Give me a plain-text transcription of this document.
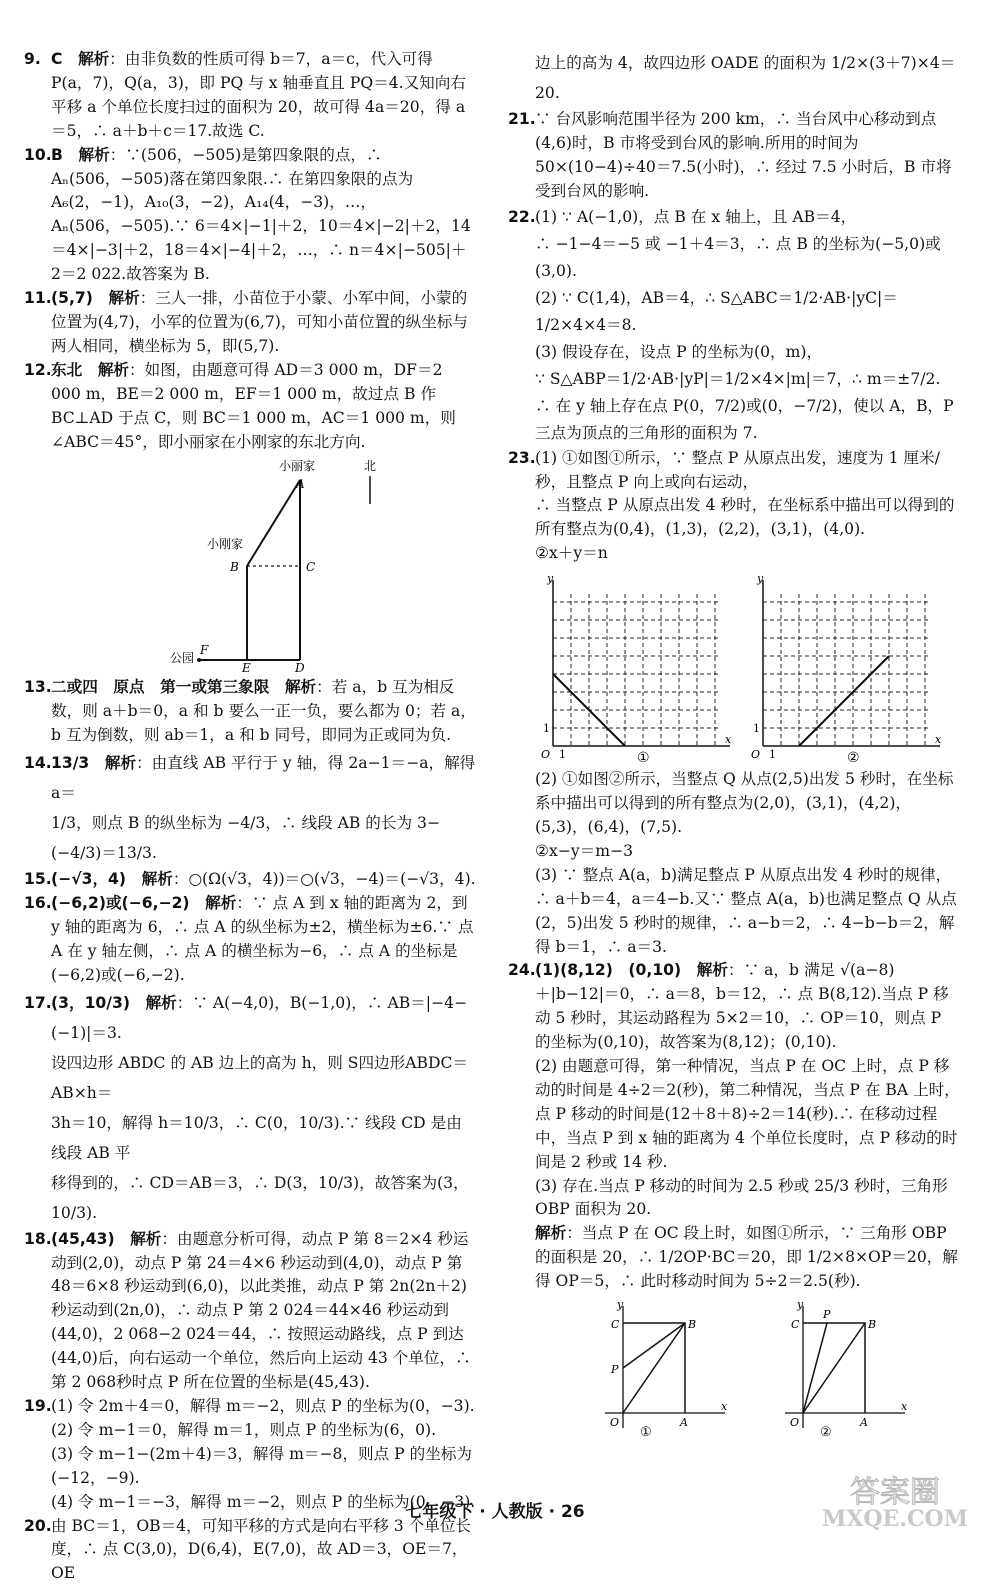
9. C　 解析：由非负数的性质可得 b＝7，a＝c，代入可得 P(a，7)，Q(a，3)，即 PQ 与 x 轴垂直且 PQ＝4.又知向右平移 a 个单位长度扫过的面积为 20，故可得 4a＝20，得 a＝5，∴ a＋b＋c＝17.故选 C.

10. B　 解析：∵(506，−505)是第四象限的点，∴ Aₙ(506，−505)落在第四象限.∴ 在第四象限的点为 A₆(2，−1)，A₁₀(3，−2)，A₁₄(4，−3)，…，Aₙ(506，−505).∵ 6＝4×|−1|＋2，10＝4×|−2|＋2，14＝4×|−3|＋2，18＝4×|−4|＋2，…，∴ n＝4×|−505|＋2＝2 022.故答案为 B.

11. (5,7)　 解析：三人一排，小苗位于小蒙、小军中间，小蒙的位置为(4,7)，小军的位置为(6,7)，可知小苗位置的纵坐标与两人相同，横坐标为 5，即(5,7).

12. 东北　 解析：如图，由题意可得 AD＝3 000 m，DF＝2 000 m，BE＝2 000 m，EF＝1 000 m，故过点 B 作 BC⊥AD 于点 C，则 BC＝1 000 m，AC＝1 000 m，则∠ABC＝45°，即小丽家在小刚家的东北方向.

小丽家	北
A
小刚家
B	C
公园
F
E	D

13. 二或四　原点　第一或第三象限　 解析：若 a，b 互为相反数，则 a＋b＝0，a 和 b 要么一正一负，要么都为 0；若 a，b 互为倒数，则 ab＝1，a 和 b 同号，即同为正或同为负.

14. 13/3　 解析：由直线 AB 平行于 y 轴，得 2a−1＝−a，解得 a＝
1/3，则点 B 的纵坐标为 −4/3，∴ 线段 AB 的长为 3−
(−4/3)＝13/3.

15. (−√3，4)　 解析：○(Ω(√3，4))＝○(√3，−4)＝(−√3，4).

16. (−6,2)或(−6,−2)　 解析：∵ 点 A 到 x 轴的距离为 2，到 y 轴的距离为 6，∴ 点 A 的纵坐标为±2，横坐标为±6.∵ 点 A 在 y 轴左侧，∴ 点 A 的横坐标为−6，∴ 点 A 的坐标是(−6,2)或(−6,−2).

17. (3，10/3)　 解析：∵ A(−4,0)，B(−1,0)，∴ AB＝|−4−(−1)|＝3.
设四边形 ABDC 的 AB 边上的高为 h，则 S四边形ABDC＝AB×h＝
3h＝10，解得 h＝10/3，∴ C(0，10/3).∵ 线段 CD 是由线段 AB 平
移得到的，∴ CD＝AB＝3，∴ D(3，10/3)，故答案为(3，10/3).

18. (45,43)　 解析：由题意分析可得，动点 P 第 8＝2×4 秒运动到(2,0)，动点 P 第 24＝4×6 秒运动到(4,0)，动点 P 第 48＝6×8 秒运动到(6,0)，以此类推，动点 P 第 2n(2n＋2)秒运动到(2n,0)，∴ 动点 P 第 2 024＝44×46 秒运动到(44,0)，2 068−2 024＝44，∴ 按照运动路线，点 P 到达(44,0)后，向右运动一个单位，然后向上运动 43 个单位，∴ 第 2 068秒时点 P 所在位置的坐标是(45,43).

19. (1) 令 2m＋4＝0，解得 m＝−2，则点 P 的坐标为(0，−3).

(2) 令 m−1＝0，解得 m＝1，则点 P 的坐标为(6，0).

(3) 令 m−1−(2m＋4)＝3，解得 m＝−8，则点 P 的坐标为(−12，−9).

(4) 令 m−1＝−3，解得 m＝−2，则点 P 的坐标为(0，−3).

20. 由 BC＝1，OB＝4，可知平移的方式是向右平移 3 个单位长度，∴ 点 C(3,0)，D(6,4)，E(7,0)，故 AD＝3，OE＝7，OE

边上的高为 4，故四边形 OADE 的面积为 1/2×(3＋7)×4＝20.

21. ∵ 台风影响范围半径为 200 km，∴ 当台风中心移动到点(4,6)时，B 市将受到台风的影响.所用的时间为 50×(10−4)÷40＝7.5(小时)，∴ 经过 7.5 小时后，B 市将受到台风的影响.

22. (1) ∵ A(−1,0)，点 B 在 x 轴上，且 AB＝4，

∴ −1−4＝−5 或 −1＋4＝3，∴ 点 B 的坐标为(−5,0)或(3,0).

(2) ∵ C(1,4)，AB＝4，∴ S△ABC＝1/2·AB·|yC|＝1/2×4×4＝8.

(3) 假设存在，设点 P 的坐标为(0，m)，

∵ S△ABP＝1/2·AB·|yP|＝1/2×4×|m|＝7，∴ m＝±7/2.

∴ 在 y 轴上存在点 P(0，7/2)或(0，−7/2)，使以 A，B，P 三点为顶点的三角形的面积为 7.

23. (1) ①如图①所示，∵ 整点 P 从原点出发，速度为 1 厘米/秒，且整点 P 向上或向右运动，

∴ 当整点 P 从原点出发 4 秒时，在坐标系中描出可以得到的所有整点为(0,4)，(1,3)，(2,2)，(3,1)，(4,0).

②x＋y＝n

y
x
O
1
1	①
y
x
O
1
1	②

(2) ①如图②所示，当整点 Q 从点(2,5)出发 5 秒时，在坐标系中描出可以得到的所有整点为(2,0)，(3,1)，(4,2)，(5,3)，(6,4)，(7,5).

②x−y＝m−3

(3) ∵ 整点 A(a，b)满足整点 P 从原点出发 4 秒时的规律，∴ a＋b＝4，a＝4−b.又∵ 整点 A(a，b)也满足整点 Q 从点(2，5)出发 5 秒时的规律，∴ a−b＝2，∴ 4−b−b＝2，解得 b＝1，∴ a＝3.

24. (1)(8,12)　(0,10)　 解析：∵ a，b 满足 √(a−8)＋|b−12|＝0，∴ a＝8，b＝12，∴ 点 B(8,12).当点 P 移动 5 秒时，其运动路程为 5×2＝10，∴ OP＝10，则点 P 的坐标为(0,10)，故答案为(8,12)；(0,10).

(2) 由题意可得，第一种情况，当点 P 在 OC 上时，点 P 移动的时间是 4÷2＝2(秒)，第二种情况，当点 P 在 BA 上时，点 P 移动的时间是(12＋8＋8)÷2＝14(秒).∴ 在移动过程中，当点 P 到 x 轴的距离为 4 个单位长度时，点 P 移动的时间是 2 秒或 14 秒.

(3) 存在.当点 P 移动的时间为 2.5 秒或 25/3 秒时，三角形 OBP 面积为 20.

解析：当点 P 在 OC 段上时，如图①所示，∵ 三角形 OBP 的面积是 20，∴ 1/2OP·BC＝20，即 1/2×8×OP＝20，解得 OP＝5，∴ 此时移动时间为 5÷2＝2.5(秒).

y
x
O	A
B
C
P
①
y
x
O	A
B
C
P
②
七年级下 · 人教版 · 26
答案圈
MXQE.COM
